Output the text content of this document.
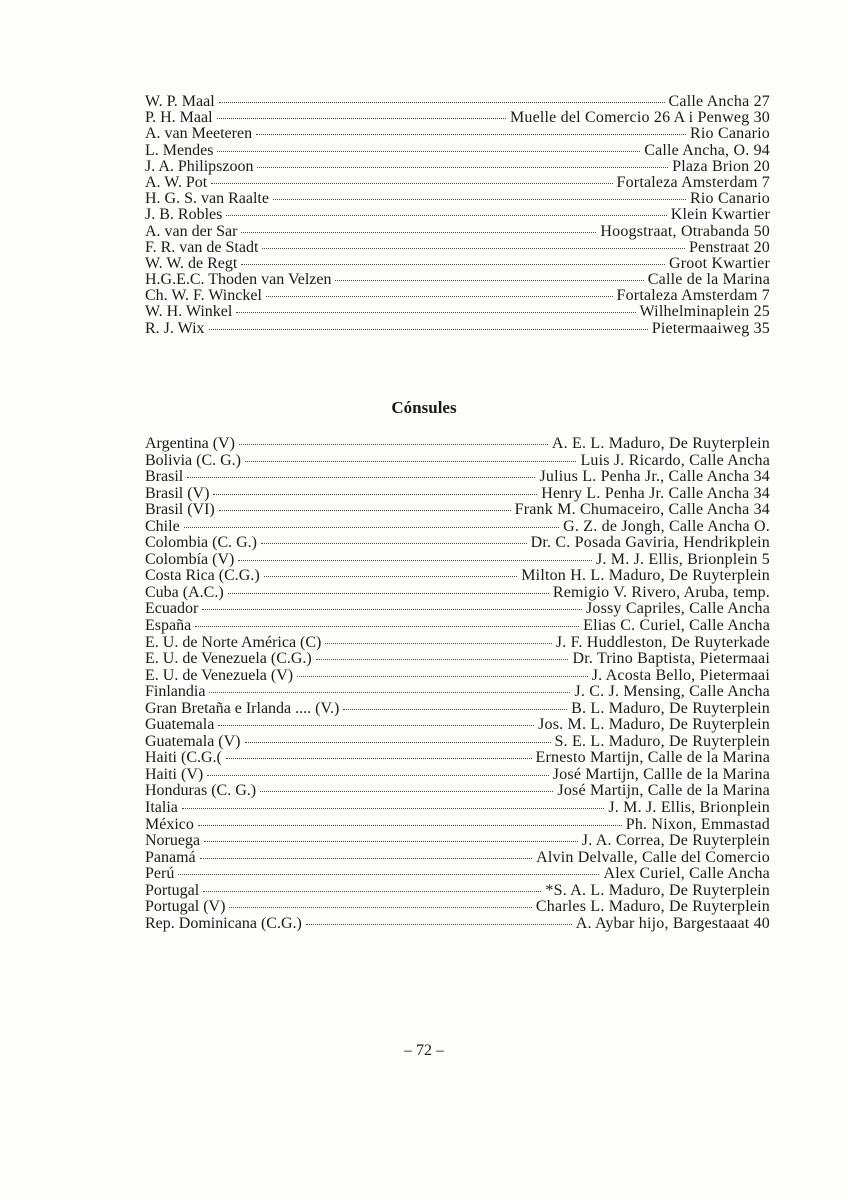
W. P. Maal	Calle Ancha 27
P. H. Maal	Muelle del Comercio 26 A i Penweg 30
A. van Meeteren	Rio Canario
L. Mendes	Calle Ancha, O. 94
J. A. Philipszoon	Plaza Brion 20
A. W. Pot	Fortaleza Amsterdam 7
H. G. S. van Raalte	Rio Canario
J. B. Robles	Klein Kwartier
A. van der Sar	Hoogstraat, Otrabanda 50
F. R. van de Stadt	Penstraat 20
W. W. de Regt	Groot Kwartier
H.G.E.C. Thoden van Velzen	Calle de la Marina
Ch. W. F. Winckel	Fortaleza Amsterdam 7
W. H. Winkel	Wilhelminaplein 25
R. J. Wix	Pietermaaiweg 35
Cónsules
Argentina (V)	A. E. L. Maduro, De Ruyterplein
Bolivia (C. G.)	Luis J. Ricardo, Calle Ancha
Brasil	Julius L. Penha Jr., Calle Ancha 34
Brasil (V)	Henry L. Penha Jr. Calle Ancha 34
Brasil (VI)	Frank M. Chumaceiro, Calle Ancha 34
Chile	G. Z. de Jongh, Calle Ancha O.
Colombia (C. G.)	Dr. C. Posada Gaviria, Hendrikplein
Colombía (V)	J. M. J. Ellis, Brionplein 5
Costa Rica (C.G.)	Milton H. L. Maduro, De Ruyterplein
Cuba (A.C.)	Remigio V. Rivero, Aruba, temp.
Ecuador	Jossy Capriles, Calle Ancha
España	Elias C. Curiel, Calle Ancha
E. U. de Norte América (C)	J. F. Huddleston, De Ruyterkade
E. U. de Venezuela (C.G.)	Dr. Trino Baptista, Pietermaai
E. U. de Venezuela (V)	J. Acosta Bello, Pietermaai
Finlandia	J. C. J. Mensing, Calle Ancha
Gran Bretaña e Irlanda .... (V.)	B. L. Maduro, De Ruyterplein
Guatemala	Jos. M. L. Maduro, De Ruyterplein
Guatemala (V)	S. E. L. Maduro, De Ruyterplein
Haiti (C.G.(	Ernesto Martijn, Calle de la Marina
Haiti (V)	José Martijn, Callle de la Marina
Honduras (C. G.)	José Martijn, Calle de la Marina
Italia	J. M. J. Ellis, Brionplein
México	Ph. Nixon, Emmastad
Noruega	J. A. Correa, De Ruyterplein
Panamá	Alvin Delvalle, Calle del Comercio
Perú	Alex Curiel, Calle Ancha
Portugal	*S. A. L. Maduro, De Ruyterplein
Portugal (V)	Charles L. Maduro, De Ruyterplein
Rep. Dominicana (C.G.)	A. Aybar hijo, Bargestaaat 40
– 72 –
